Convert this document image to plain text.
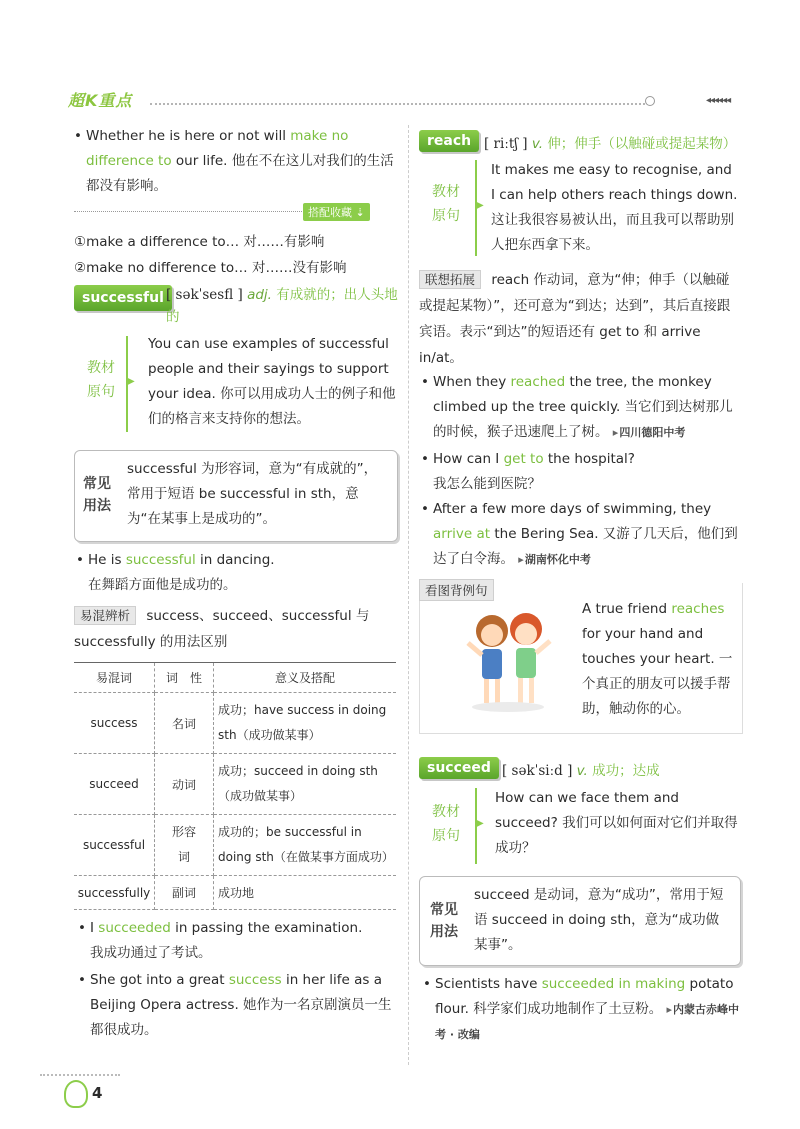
超K重点	◂◂◂◂◂◂
Whether he is here or not will make no difference to our life. 他在不在这儿对我们的生活都没有影响。
搭配收藏 ⇣
①make a difference to… 对……有影响
②make no difference to… 对……没有影响
successful [ səkˈsesfl ] adj. 有成就的；出人头地的
教材
原句
▶
You can use examples of successful people and their sayings to support your idea. 你可以用成功人士的例子和他们的格言来支持你的想法。
常见
用法
successful 为形容词，意为“有成就的”，常用于短语 be successful in sth，意为“在某事上是成功的”。
He is successful in dancing.
在舞蹈方面他是成功的。
易混辨析 success、succeed、successful 与 successfully 的用法区别
易混词	词　性	意义及搭配
success	名词	成功；have success in doing sth（成功做某事）
succeed	动词	成功；succeed in doing sth（成功做某事）
successful	形容词	成功的；be successful in doing sth（在做某事方面成功）
successfully	副词	成功地
I succeeded in passing the examination.
我成功通过了考试。
She got into a great success in her life as a Beijing Opera actress. 她作为一名京剧演员一生都很成功。
4
reach [ riːtʃ ] v. 伸；伸手（以触碰或提起某物）
教材
原句
▶
It makes me easy to recognise, and I can help others reach things down. 这让我很容易被认出，而且我可以帮助别人把东西拿下来。
联想拓展 reach 作动词，意为“伸；伸手（以触碰或提起某物）”，还可意为“到达；达到”，其后直接跟宾语。表示“到达”的短语还有 get to 和 arrive in/at。
When they reached the tree, the monkey climbed up the tree quickly. 当它们到达树那儿的时候，猴子迅速爬上了树。 ▸ 四川德阳中考
How can I get to the hospital?
我怎么能到医院？
After a few more days of swimming, they arrive at the Bering Sea. 又游了几天后，他们到达了白令海。 ▸ 湖南怀化中考
看图背例句
A true friend reaches for your hand and touches your heart. 一个真正的朋友可以援手帮助，触动你的心。
succeed [ səkˈsiːd ] v. 成功；达成
教材
原句
▶
How can we face them and succeed? 我们可以如何面对它们并取得成功？
常见
用法
succeed 是动词，意为“成功”，常用于短语 succeed in doing sth，意为“成功做某事”。
Scientists have succeeded in making potato flour. 科学家们成功地制作了土豆粉。 ▸ 内蒙古赤峰中考 · 改编
